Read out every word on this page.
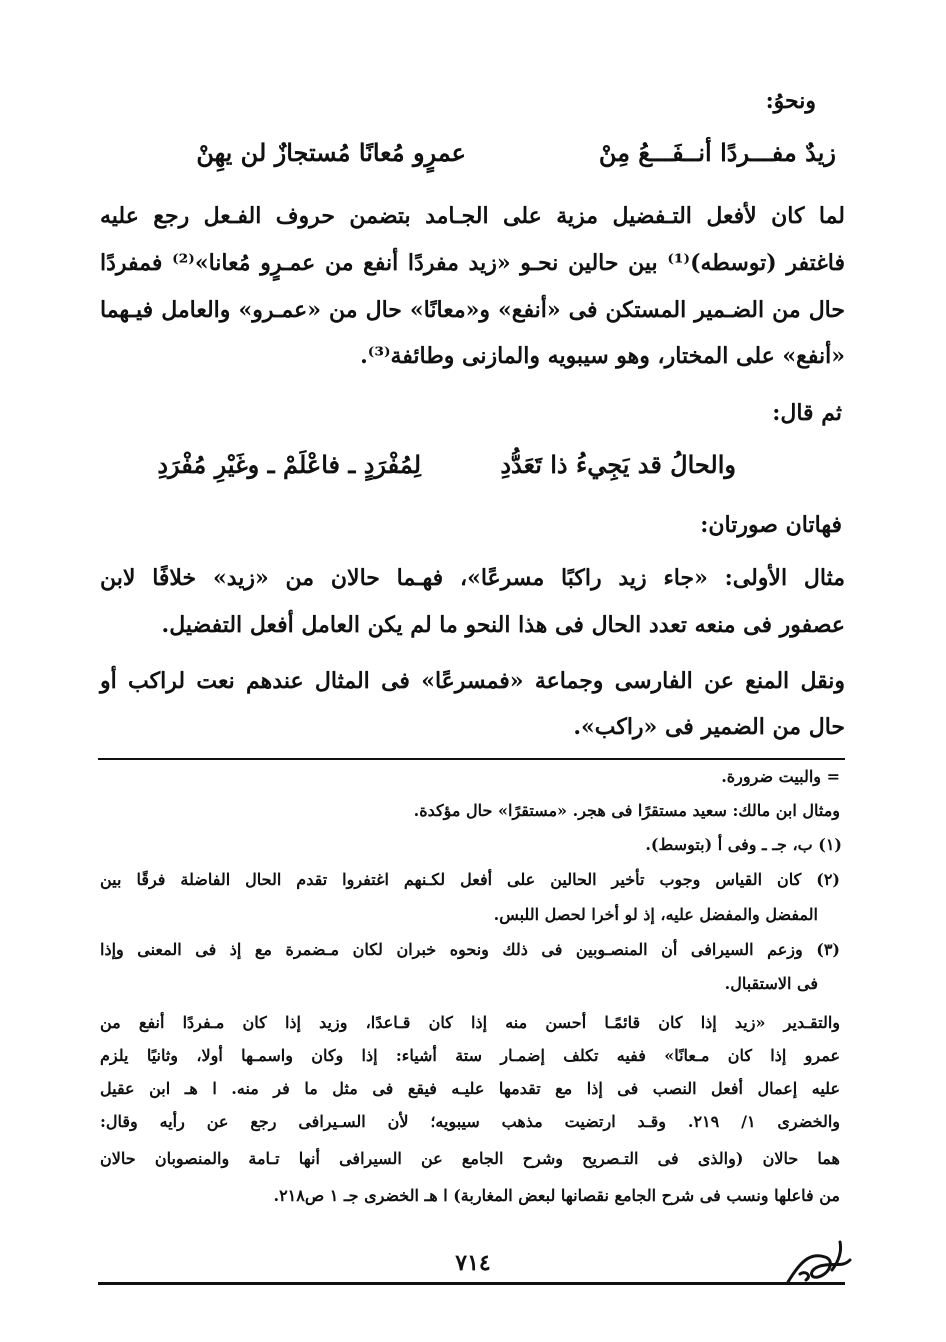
ونحوُ:
زيدٌ مفـــردًا أنــفَـــعُ مِنْ
عمرٍو مُعانًا مُستجازٌ لن يهِنْ
لما كان لأفعل التـفضيل مزية على الجـامد بتضمن حروف الفـعل رجع عليه
فاغتفر (توسطه)⁽¹⁾ بين حالين نحـو «زيد مفردًا أنفع من عمـرٍو مُعانا»⁽²⁾ فمفردًا
حال من الضـمير المستكن فى «أنفع» و«معانًا» حال من «عمـرو» والعامل فيـهما
«أنفع» على المختار، وهو سيبويه والمازنى وطائفة⁽³⁾.
ثم قال:
والحالُ قد يَجِيءُ ذا تَعَدُّدِ
لِمُفْرَدٍ ـ فاعْلَمْ ـ وغَيْرِ مُفْرَدِ
فهاتان صورتان:
مثال الأولى: «جاء زيد راكبًا مسرعًا»، فهـما حالان من «زيد» خلافًا لابن
عصفور فى منعه تعدد الحال فى هذا النحو ما لم يكن العامل أفعل التفضيل.
ونقل المنع عن الفارسى وجماعة «فمسرعًا» فى المثال عندهم نعت لراكب أو
حال من الضمير فى «راكب».
= والبيت ضرورة.
ومثال ابن مالك: سعيد مستقرًا فى هجر. «مستقرًا» حال مؤكدة.
(١) ب، جـ ـ وفى أ (بتوسط).
(٢) كان القياس وجوب تأخير الحالين على أفعل لكـنهم اغتفروا تقدم الحال الفاضلة فرقًا بين
المفضل والمفضل عليه، إذ لو أخرا لحصل اللبس.
(٣) وزعم السيرافى أن المنصـوبين فى ذلك ونحوه خبران لكان مـضمرة مع إذ فى المعنى وإذا
فى الاستقبال.
والتقـدير «زيد إذا كان قائمًـا أحسن منه إذا كان قـاعدًا، وزيد إذا كان مـفردًا أنفع من
عمرو إذا كان مـعانًا» ففيه تكلف إضمـار ستة أشياء: إذا وكان واسمـها أولا، وثانيًا يلزم
عليه إعمال أفعل النصب فى إذا مع تقدمها عليـه فيقع فى مثل ما فر منه. ا هـ ابن عقيل
والخضرى ١/ ٢١٩. وقـد ارتضيت مذهب سيبويه؛ لأن السـيرافى رجع عن رأيه وقال:
هما حالان (والذى فى التـصريح وشرح الجامع عن السيرافى أنها تـامة والمنصوبان حالان
من فاعلها ونسب فى شرح الجامع نقصانها لبعض المغاربة) ا هـ الخضرى جـ ١ ص٢١٨.
٧١٤
